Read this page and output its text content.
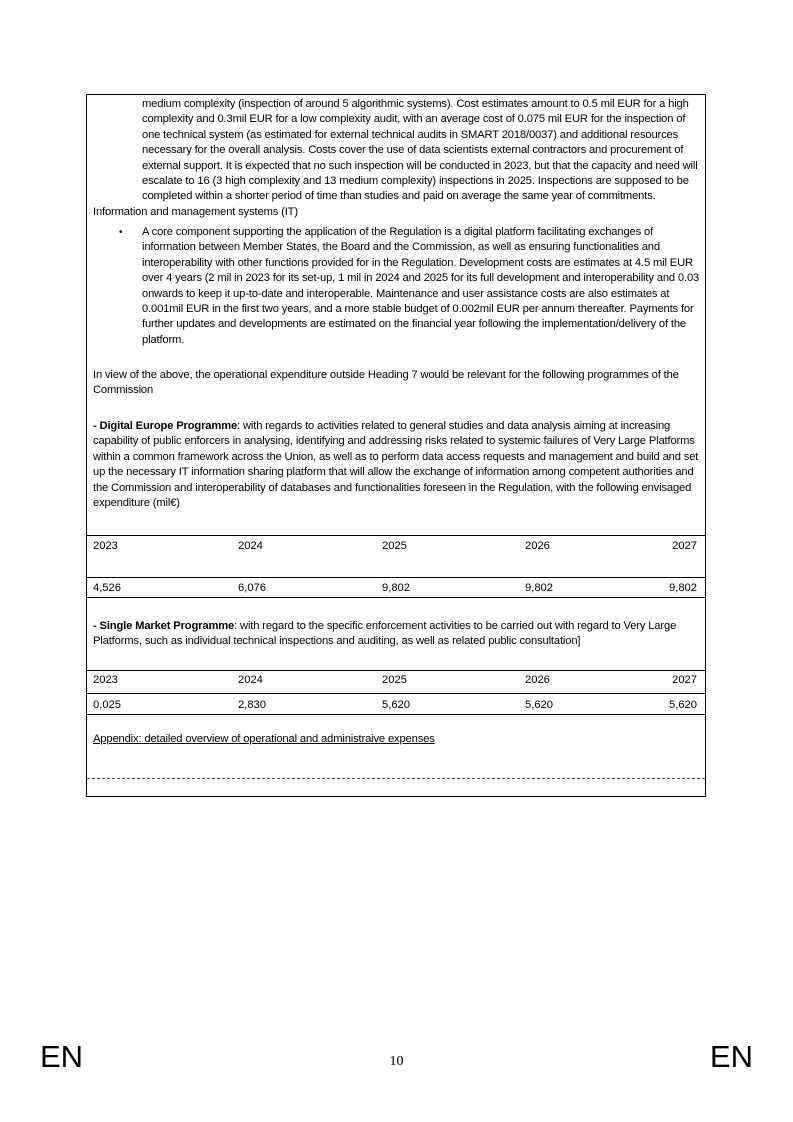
medium complexity (inspection of around 5 algorithmic systems). Cost estimates amount to 0.5 mil EUR for a high complexity and 0.3mil EUR for a low complexity audit, with an average cost of 0.075 mil EUR for the inspection of one technical system (as estimated for external technical audits in SMART 2018/0037) and additional resources necessary for the overall analysis. Costs cover the use of data scientists external contractors and procurement of external support. It is expected that no such inspection will be conducted in 2023, but that the capacity and need will escalate to 16 (3 high complexity and 13 medium complexity) inspections in 2025. Inspections are supposed to be completed within a shorter period of time than studies and paid on average the same year of commitments.

Information and management systems (IT)

• A core component supporting the application of the Regulation is a digital platform facilitating exchanges of information between Member States, the Board and the Commission, as well as ensuring functionalities and interoperability with other functions provided for in the Regulation. Development costs are estimates at 4.5 mil EUR over 4 years (2 mil in 2023 for its set-up, 1 mil in 2024 and 2025 for its full development and interoperability and 0.03 onwards to keep it up-to-date and interoperable. Maintenance and user assistance costs are also estimates at 0.001mil EUR in the first two years, and a more stable budget of 0.002mil EUR per annum thereafter. Payments for further updates and developments are estimated on the financial year following the implementation/delivery of the platform.

In view of the above, the operational expenditure outside Heading 7 would be relevant for the following programmes of the Commission

- Digital Europe Programme: with regards to activities related to general studies and data analysis aiming at increasing capability of public enforcers in analysing, identifying and addressing risks related to systemic failures of Very Large Platforms within a common framework across the Union, as well as to perform data access requests and management and build and set up the necessary IT information sharing platform that will allow the exchange of information among competent authorities and the Commission and interoperability of databases and functionalities foreseen in the Regulation, with the following envisaged expenditure (mil€)

2023	2024	2025	2026	2027
4,526	6,076	9,802	9,802	9,802

- Single Market Programme: with regard to the specific enforcement activities to be carried out with regard to Very Large Platforms, such as individual technical inspections and auditing, as well as related public consultation]

2023	2024	2025	2026	2027
0,025	2,830	5,620	5,620	5,620

Appendix: detailed overview of operational and administraive expenses

EN	10	EN
